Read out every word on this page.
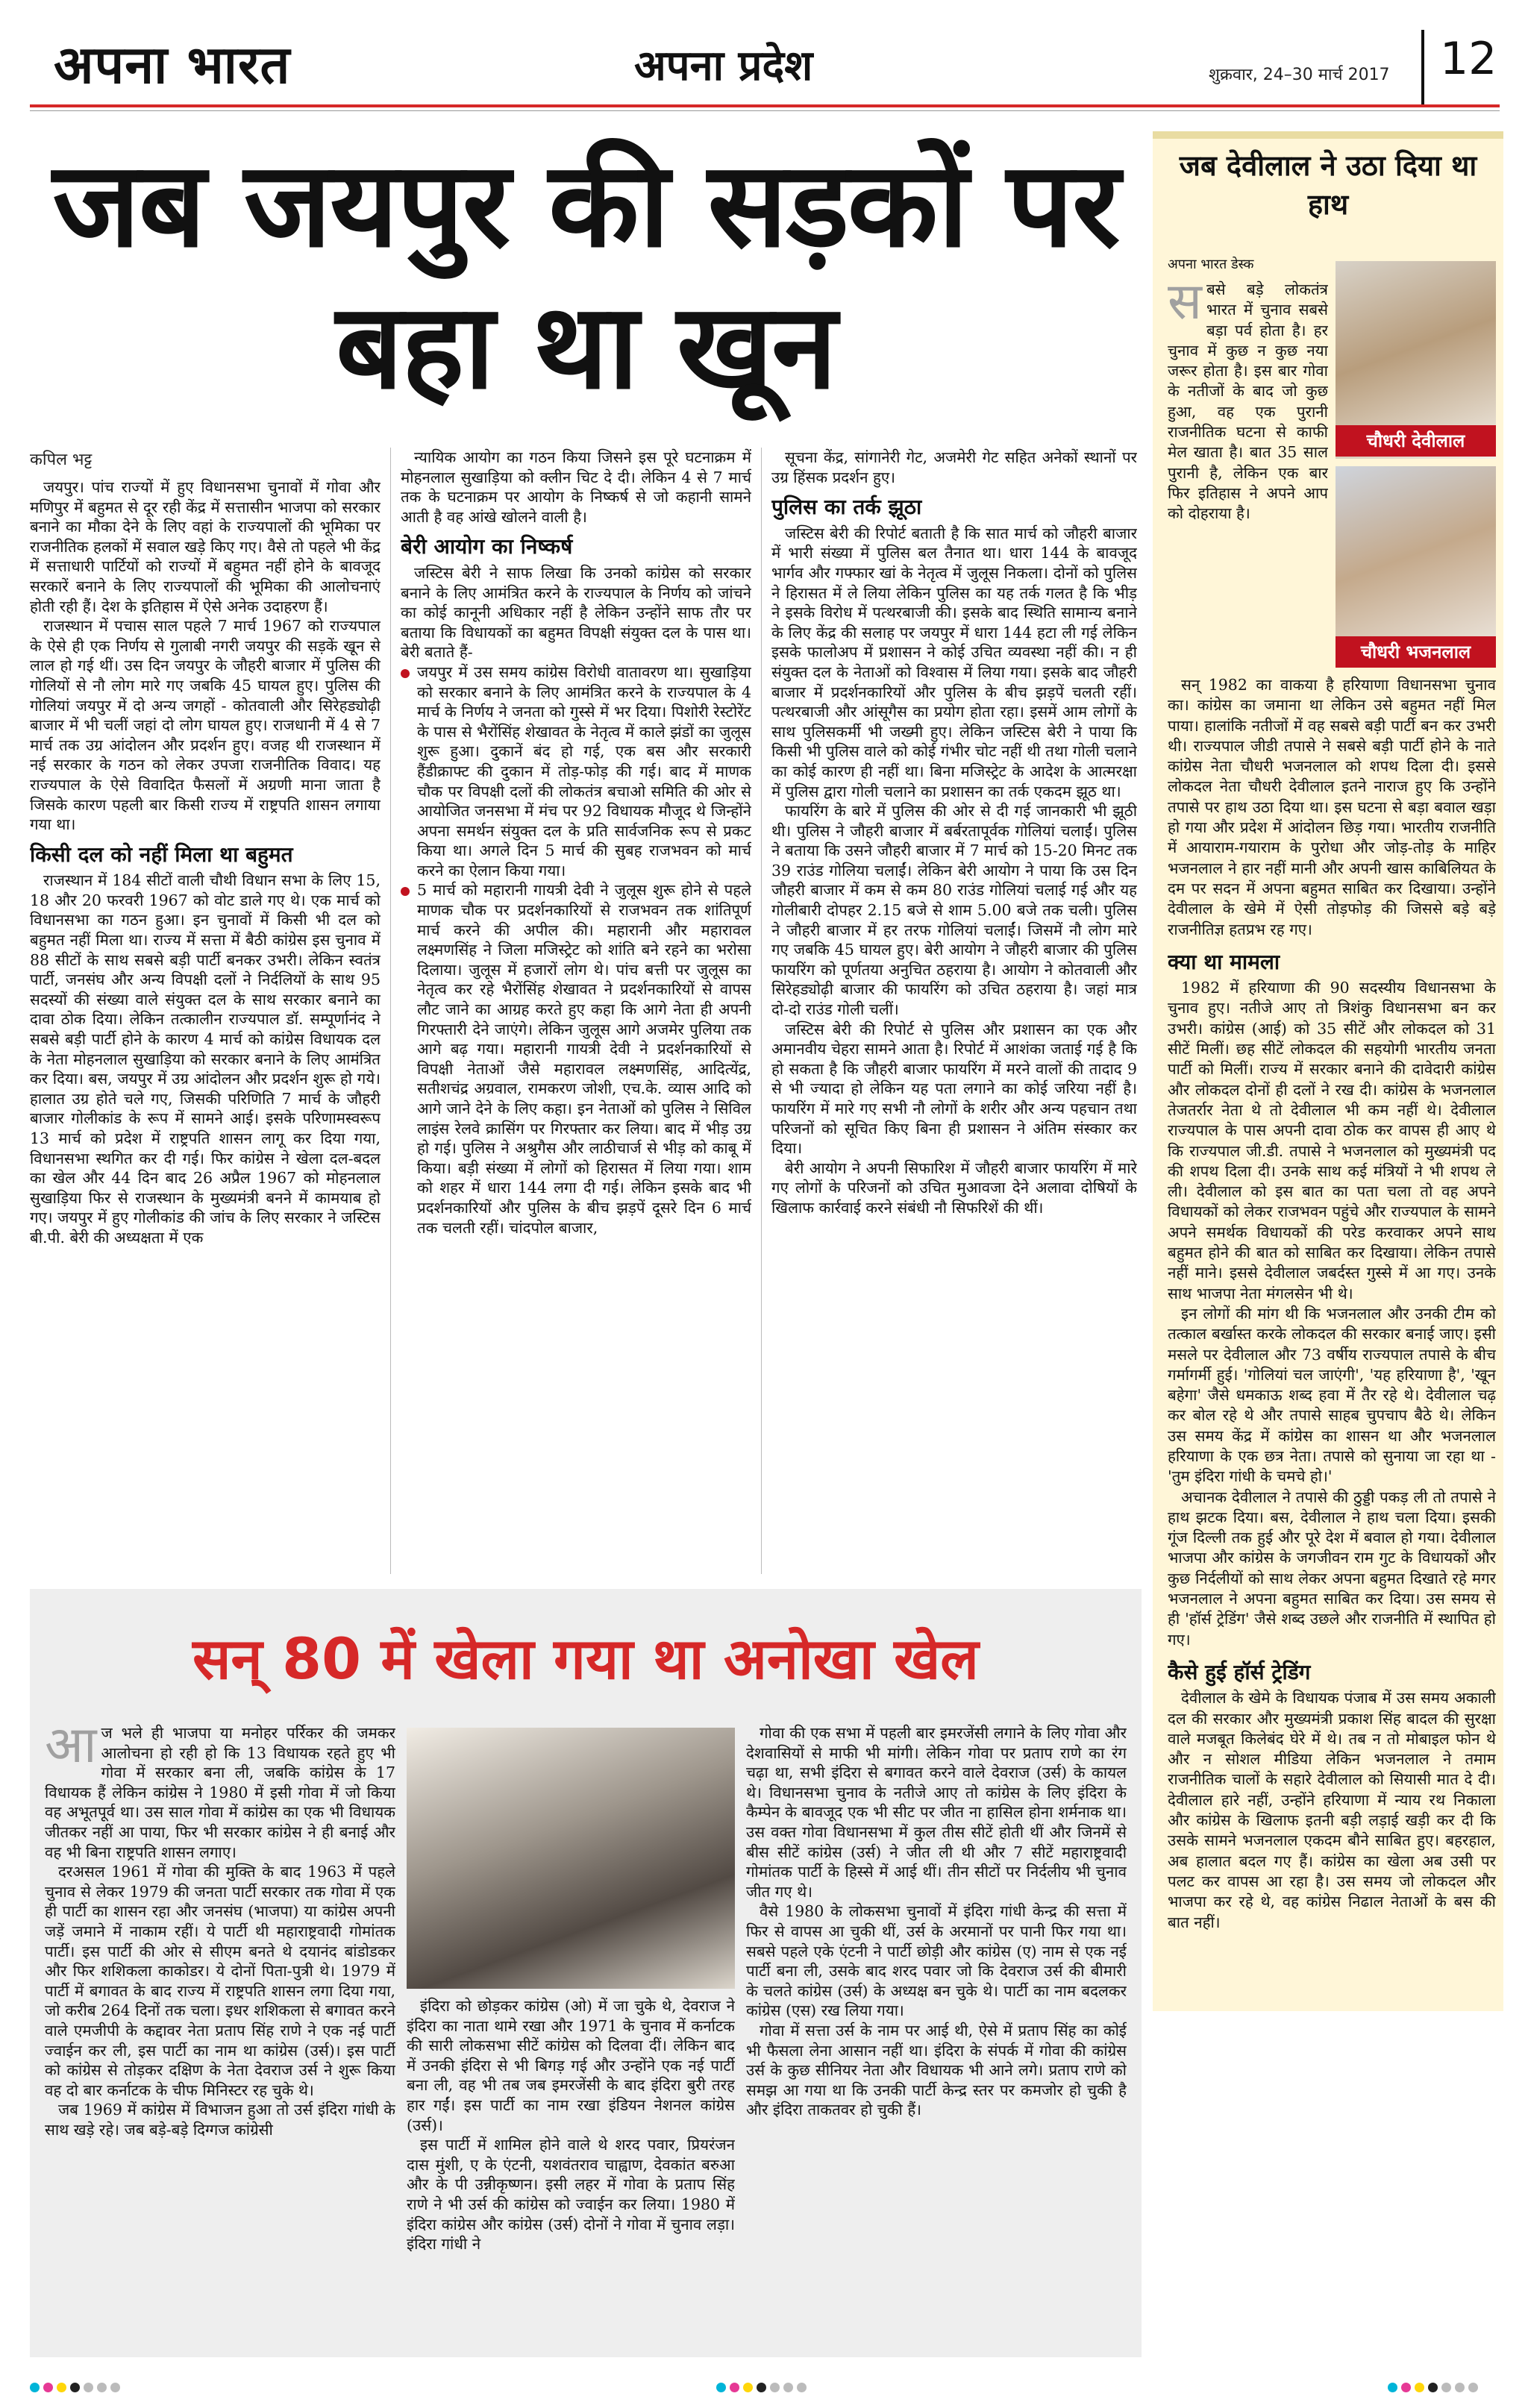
अपना भारत	अपना प्रदेश	शुक्रवार, 24–30 मार्च 2017 12
जब जयपुर की सड़कों पर बहा था खून
कपिल भट्ट

जयपुर। पांच राज्यों में हुए विधानसभा चुनावों में गोवा और मणिपुर में बहुमत से दूर रही केंद्र में सत्तासीन भाजपा को सरकार बनाने का मौका देने के लिए वहां के राज्यपालों की भूमिका पर राजनीतिक हलकों में सवाल खड़े किए गए। वैसे तो पहले भी केंद्र में सत्ताधारी पार्टियों को राज्यों में बहुमत नहीं होने के बावजूद सरकारें बनाने के लिए राज्यपालों की भूमिका की आलोचनाएं होती रही हैं। देश के इतिहास में ऐसे अनेक उदाहरण हैं।

राजस्थान में पचास साल पहले 7 मार्च 1967 को राज्यपाल के ऐसे ही एक निर्णय से गुलाबी नगरी जयपुर की सड़कें खून से लाल हो गई थीं। उस दिन जयपुर के जौहरी बाजार में पुलिस की गोलियों से नौ लोग मारे गए जबकि 45 घायल हुए। पुलिस की गोलियां जयपुर में दो अन्य जगहों - कोतवाली और सिरेहड्योढ़ी बाजार में भी चलीं जहां दो लोग घायल हुए। राजधानी में 4 से 7 मार्च तक उग्र आंदोलन और प्रदर्शन हुए। वजह थी राजस्थान में नई सरकार के गठन को लेकर उपजा राजनीतिक विवाद। यह राज्यपाल के ऐसे विवादित फैसलों में अग्रणी माना जाता है जिसके कारण पहली बार किसी राज्य में राष्ट्रपति शासन लगाया गया था।

किसी दल को नहीं मिला था बहुमत

राजस्थान में 184 सीटों वाली चौथी विधान सभा के लिए 15, 18 और 20 फरवरी 1967 को वोट डाले गए थे। एक मार्च को विधानसभा का गठन हुआ। इन चुनावों में किसी भी दल को बहुमत नहीं मिला था। राज्य में सत्ता में बैठी कांग्रेस इस चुनाव में 88 सीटों के साथ सबसे बड़ी पार्टी बनकर उभरी। लेकिन स्वतंत्र पार्टी, जनसंघ और अन्य विपक्षी दलों ने निर्दलियों के साथ 95 सदस्यों की संख्या वाले संयुक्त दल के साथ सरकार बनाने का दावा ठोक दिया। लेकिन तत्कालीन राज्यपाल डॉ. सम्पूर्णानंद ने सबसे बड़ी पार्टी होने के कारण 4 मार्च को कांग्रेस विधायक दल के नेता मोहनलाल सुखाड़िया को सरकार बनाने के लिए आमंत्रित कर दिया। बस, जयपुर में उग्र आंदोलन और प्रदर्शन शुरू हो गये। हालात उग्र होते चले गए, जिसकी परिणिति 7 मार्च के जौहरी बाजार गोलीकांड के रूप में सामने आई। इसके परिणामस्वरूप 13 मार्च को प्रदेश में राष्ट्रपति शासन लागू कर दिया गया, विधानसभा स्थगित कर दी गई। फिर कांग्रेस ने खेला दल-बदल का खेल और 44 दिन बाद 26 अप्रैल 1967 को मोहनलाल सुखाड़िया फिर से राजस्थान के मुख्यमंत्री बनने में कामयाब हो गए। जयपुर में हुए गोलीकांड की जांच के लिए सरकार ने जस्टिस बी.पी. बेरी की अध्यक्षता में एक

न्यायिक आयोग का गठन किया जिसने इस पूरे घटनाक्रम में मोहनलाल सुखाड़िया को क्लीन चिट दे दी। लेकिन 4 से 7 मार्च तक के घटनाक्रम पर आयोग के निष्कर्ष से जो कहानी सामने आती है वह आंखे खोलने वाली है।

बेरी आयोग का निष्कर्ष

जस्टिस बेरी ने साफ लिखा कि उनको कांग्रेस को सरकार बनाने के लिए आमंत्रित करने के राज्यपाल के निर्णय को जांचने का कोई कानूनी अधिकार नहीं है लेकिन उन्होंने साफ तौर पर बताया कि विधायकों का बहुमत विपक्षी संयुक्त दल के पास था। बेरी बताते हैं-

जयपुर में उस समय कांग्रेस विरोधी वातावरण था। सुखाड़िया को सरकार बनाने के लिए आमंत्रित करने के राज्यपाल के 4 मार्च के निर्णय ने जनता को गुस्से में भर दिया। पिशोरी रेस्टोरेंट के पास से भैरोंसिंह शेखावत के नेतृत्व में काले झंडों का जुलूस शुरू हुआ। दुकानें बंद हो गई, एक बस और सरकारी हैंडीक्राफ्ट की दुकान में तोड़-फोड़ की गई। बाद में माणक चौक पर विपक्षी दलों की लोकतंत्र बचाओ समिति की ओर से आयोजित जनसभा में मंच पर 92 विधायक मौजूद थे जिन्होंने अपना समर्थन संयुक्त दल के प्रति सार्वजनिक रूप से प्रकट किया था। अगले दिन 5 मार्च की सुबह राजभवन को मार्च करने का ऐलान किया गया।

5 मार्च को महारानी गायत्री देवी ने जुलूस शुरू होने से पहले माणक चौक पर प्रदर्शनकारियों से राजभवन तक शांतिपूर्ण मार्च करने की अपील की। महारानी और महारावल लक्ष्मणसिंह ने जिला मजिस्ट्रेट को शांति बने रहने का भरोसा दिलाया। जुलूस में हजारों लोग थे। पांच बत्ती पर जुलूस का नेतृत्व कर रहे भैरोंसिंह शेखावत ने प्रदर्शनकारियों से वापस लौट जाने का आग्रह करते हुए कहा कि आगे नेता ही अपनी गिरफ्तारी देने जाएंगे। लेकिन जुलूस आगे अजमेर पुलिया तक आगे बढ़ गया। महारानी गायत्री देवी ने प्रदर्शनकारियों से विपक्षी नेताओं जैसे महारावल लक्ष्मणसिंह, आदित्येंद्र, सतीशचंद्र अग्रवाल, रामकरण जोशी, एच.के. व्यास आदि को आगे जाने देने के लिए कहा। इन नेताओं को पुलिस ने सिविल लाइंस रेलवे क्रासिंग पर गिरफ्तार कर लिया। बाद में भीड़ उग्र हो गई। पुलिस ने अश्रुगैस और लाठीचार्ज से भीड़ को काबू में किया। बड़ी संख्या में लोगों को हिरासत में लिया गया। शाम को शहर में धारा 144 लगा दी गई। लेकिन इसके बाद भी प्रदर्शनकारियों और पुलिस के बीच झड़पें दूसरे दिन 6 मार्च तक चलती रहीं। चांदपोल बाजार,

सूचना केंद्र, सांगानेरी गेट, अजमेरी गेट सहित अनेकों स्थानों पर उग्र हिंसक प्रदर्शन हुए।

पुलिस का तर्क झूठा

जस्टिस बेरी की रिपोर्ट बताती है कि सात मार्च को जौहरी बाजार में भारी संख्या में पुलिस बल तैनात था। धारा 144 के बावजूद भार्गव और गफ्फार खां के नेतृत्व में जुलूस निकला। दोनों को पुलिस ने हिरासत में ले लिया लेकिन पुलिस का यह तर्क गलत है कि भीड़ ने इसके विरोध में पत्थरबाजी की। इसके बाद स्थिति सामान्य बनाने के लिए केंद्र की सलाह पर जयपुर में धारा 144 हटा ली गई लेकिन इसके फालोअप में प्रशासन ने कोई उचित व्यवस्था नहीं की। न ही संयुक्त दल के नेताओं को विश्वास में लिया गया। इसके बाद जौहरी बाजार में प्रदर्शनकारियों और पुलिस के बीच झड़पें चलती रहीं। पत्थरबाजी और आंसूगैस का प्रयोग होता रहा। इसमें आम लोगों के साथ पुलिसकर्मी भी जख्मी हुए। लेकिन जस्टिस बेरी ने पाया कि किसी भी पुलिस वाले को कोई गंभीर चोट नहीं थी तथा गोली चलाने का कोई कारण ही नहीं था। बिना मजिस्ट्रेट के आदेश के आत्मरक्षा में पुलिस द्वारा गोली चलाने का प्रशासन का तर्क एकदम झूठ था।

फायरिंग के बारे में पुलिस की ओर से दी गई जानकारी भी झूठी थी। पुलिस ने जौहरी बाजार में बर्बरतापूर्वक गोलियां चलाईं। पुलिस ने बताया कि उसने जौहरी बाजार में 7 मार्च को 15-20 मिनट तक 39 राउंड गोलिया चलाईं। लेकिन बेरी आयोग ने पाया कि उस दिन जौहरी बाजार में कम से कम 80 राउंड गोलियां चलाई गई और यह गोलीबारी दोपहर 2.15 बजे से शाम 5.00 बजे तक चली। पुलिस ने जौहरी बाजार में हर तरफ गोलियां चलाईं। जिसमें नौ लोग मारे गए जबकि 45 घायल हुए। बेरी आयोग ने जौहरी बाजार की पुलिस फायरिंग को पूर्णतया अनुचित ठहराया है। आयोग ने कोतवाली और सिरेहड्योढ़ी बाजार की फायरिंग को उचित ठहराया है। जहां मात्र दो-दो राउंड गोली चलीं।

जस्टिस बेरी की रिपोर्ट से पुलिस और प्रशासन का एक और अमानवीय चेहरा सामने आता है। रिपोर्ट में आशंका जताई गई है कि हो सकता है कि जौहरी बाजार फायरिंग में मरने वालों की तादाद 9 से भी ज्यादा हो लेकिन यह पता लगाने का कोई जरिया नहीं है। फायरिंग में मारे गए सभी नौ लोगों के शरीर और अन्य पहचान तथा परिजनों को सूचित किए बिना ही प्रशासन ने अंतिम संस्कार कर दिया।

बेरी आयोग ने अपनी सिफारिश में जौहरी बाजार फायरिंग में मारे गए लोगों के परिजनों को उचित मुआवजा देने अलावा दोषियों के खिलाफ कार्रवाई करने संबंधी नौ सिफरिशें की थीं।

जब देवीलाल ने उठा दिया था हाथ
अपना भारत डेस्क
चौधरी देवीलाल
चौधरी भजनलाल
स बसे बड़े लोकतंत्र भारत में चुनाव सबसे बड़ा पर्व होता है। हर चुनाव में कुछ न कुछ नया जरूर होता है। इस बार गोवा के नतीजों के बाद जो कुछ हुआ, वह एक पुरानी राजनीतिक घटना से काफी मेल खाता है। बात 35 साल पुरानी है, लेकिन एक बार फिर इतिहास ने अपने आप को दोहराया है।

सन् 1982 का वाकया है हरियाणा विधानसभा चुनाव का। कांग्रेस का जमाना था लेकिन उसे बहुमत नहीं मिल पाया। हालांकि नतीजों में वह सबसे बड़ी पार्टी बन कर उभरी थी। राज्यपाल जीडी तपासे ने सबसे बड़ी पार्टी होने के नाते कांग्रेस नेता चौधरी भजनलाल को शपथ दिला दी। इससे लोकदल नेता चौधरी देवीलाल इतने नाराज हुए कि उन्होंने तपासे पर हाथ उठा दिया था। इस घटना से बड़ा बवाल खड़ा हो गया और प्रदेश में आंदोलन छिड़ गया। भारतीय राजनीति में आयाराम-गयाराम के पुरोधा और जोड़-तोड़ के माहिर भजनलाल ने हार नहीं मानी और अपनी खास काबिलियत के दम पर सदन में अपना बहुमत साबित कर दिखाया। उन्होंने देवीलाल के खेमे में ऐसी तोड़फोड़ की जिससे बड़े बड़े राजनीतिज्ञ हतप्रभ रह गए।

क्या था मामला

1982 में हरियाणा की 90 सदस्यीय विधानसभा के चुनाव हुए। नतीजे आए तो त्रिशंकु विधानसभा बन कर उभरी। कांग्रेस (आई) को 35 सीटें और लोकदल को 31 सीटें मिलीं। छह सीटें लोकदल की सहयोगी भारतीय जनता पार्टी को मिलीं। राज्य में सरकार बनाने की दावेदारी कांग्रेस और लोकदल दोनों ही दलों ने रख दी। कांग्रेस के भजनलाल तेजतर्रार नेता थे तो देवीलाल भी कम नहीं थे। देवीलाल राज्यपाल के पास अपनी दावा ठोक कर वापस ही आए थे कि राज्यपाल जी.डी. तपासे ने भजनलाल को मुख्यमंत्री पद की शपथ दिला दी। उनके साथ कई मंत्रियों ने भी शपथ ले ली। देवीलाल को इस बात का पता चला तो वह अपने विधायकों को लेकर राजभवन पहुंचे और राज्यपाल के सामने अपने समर्थक विधायकों की परेड करवाकर अपने साथ बहुमत होने की बात को साबित कर दिखाया। लेकिन तपासे नहीं माने। इससे देवीलाल जबर्दस्त गुस्से में आ गए। उनके साथ भाजपा नेता मंगलसेन भी थे।

इन लोगों की मांग थी कि भजनलाल और उनकी टीम को तत्काल बर्खास्त करके लोकदल की सरकार बनाई जाए। इसी मसले पर देवीलाल और 73 वर्षीय राज्यपाल तपासे के बीच गर्मागर्मी हुई। 'गोलियां चल जाएंगी', 'यह हरियाणा है', 'खून बहेगा' जैसे धमकाऊ शब्द हवा में तैर रहे थे। देवीलाल चढ़ कर बोल रहे थे और तपासे साहब चुपचाप बैठे थे। लेकिन उस समय केंद्र में कांग्रेस का शासन था और भजनलाल हरियाणा के एक छत्र नेता। तपासे को सुनाया जा रहा था - 'तुम इंदिरा गांधी के चमचे हो।'

अचानक देवीलाल ने तपासे की ठुड्डी पकड़ ली तो तपासे ने हाथ झटक दिया। बस, देवीलाल ने हाथ चला दिया। इसकी गूंज दिल्ली तक हुई और पूरे देश में बवाल हो गया। देवीलाल भाजपा और कांग्रेस के जगजीवन राम गुट के विधायकों और कुछ निर्दलीयों को साथ लेकर अपना बहुमत दिखाते रहे मगर भजनलाल ने अपना बहुमत साबित कर दिया। उस समय से ही 'हॉर्स ट्रेडिंग' जैसे शब्द उछले और राजनीति में स्थापित हो गए।

कैसे हुई हॉर्स ट्रेडिंग

देवीलाल के खेमे के विधायक पंजाब में उस समय अकाली दल की सरकार और मुख्यमंत्री प्रकाश सिंह बादल की सुरक्षा वाले मजबूत किलेबंद घेरे में थे। तब न तो मोबाइल फोन थे और न सोशल मीडिया लेकिन भजनलाल ने तमाम राजनीतिक चालों के सहारे देवीलाल को सियासी मात दे दी। देवीलाल हारे नहीं, उन्होंने हरियाणा में न्याय रथ निकाला और कांग्रेस के खिलाफ इतनी बड़ी लड़ाई खड़ी कर दी कि उसके सामने भजनलाल एकदम बौने साबित हुए। बहरहाल, अब हालात बदल गए हैं। कांग्रेस का खेला अब उसी पर पलट कर वापस आ रहा है। उस समय जो लोकदल और भाजपा कर रहे थे, वह कांग्रेस निढाल नेताओं के बस की बात नहीं।

सन् 80 में खेला गया था अनोखा खेल
आ ज भले ही भाजपा या मनोहर पर्रिकर की जमकर आलोचना हो रही हो कि 13 विधायक रहते हुए भी गोवा में सरकार बना ली, जबकि कांग्रेस के 17 विधायक हैं लेकिन कांग्रेस ने 1980 में इसी गोवा में जो किया वह अभूतपूर्व था। उस साल गोवा में कांग्रेस का एक भी विधायक जीतकर नहीं आ पाया, फिर भी सरकार कांग्रेस ने ही बनाई और वह भी बिना राष्ट्रपति शासन लगाए।

दरअसल 1961 में गोवा की मुक्ति के बाद 1963 में पहले चुनाव से लेकर 1979 की जनता पार्टी सरकार तक गोवा में एक ही पार्टी का शासन रहा और जनसंघ (भाजपा) या कांग्रेस अपनी जड़ें जमाने में नाकाम रहीं। ये पार्टी थी महाराष्ट्रवादी गोमांतक पार्टी। इस पार्टी की ओर से सीएम बनते थे दयानंद बांडोडकर और फिर शशिकला काकोडर। ये दोनों पिता-पुत्री थे। 1979 में पार्टी में बगावत के बाद राज्य में राष्ट्रपति शासन लगा दिया गया, जो करीब 264 दिनों तक चला। इधर शशिकला से बगावत करने वाले एमजीपी के कद्दावर नेता प्रताप सिंह राणे ने एक नई पार्टी ज्वाईन कर ली, इस पार्टी का नाम था कांग्रेस (उर्स)। इस पार्टी को कांग्रेस से तोड़कर दक्षिण के नेता देवराज उर्स ने शुरू किया वह दो बार कर्नाटक के चीफ मिनिस्टर रह चुके थे।

जब 1969 में कांग्रेस में विभाजन हुआ तो उर्स इंदिरा गांधी के साथ खड़े रहे। जब बड़े-बड़े दिग्गज कांग्रेसी

इंदिरा को छोड़कर कांग्रेस (ओ) में जा चुके थे, देवराज ने इंदिरा का नाता थामे रखा और 1971 के चुनाव में कर्नाटक की सारी लोकसभा सीटें कांग्रेस को दिलवा दीं। लेकिन बाद में उनकी इंदिरा से भी बिगड़ गई और उन्होंने एक नई पार्टी बना ली, वह भी तब जब इमरजेंसी के बाद इंदिरा बुरी तरह हार गईं। इस पार्टी का नाम रखा इंडियन नेशनल कांग्रेस (उर्स)।

इस पार्टी में शामिल होने वाले थे शरद पवार, प्रियरंजन दास मुंशी, ए के एंटनी, यशवंतराव चाह्वाण, देवकांत बरुआ और के पी उन्नीकृष्णन। इसी लहर में गोवा के प्रताप सिंह राणे ने भी उर्स की कांग्रेस को ज्वाईन कर लिया। 1980 में इंदिरा कांग्रेस और कांग्रेस (उर्स) दोनों ने गोवा में चुनाव लड़ा। इंदिरा गांधी ने

गोवा की एक सभा में पहली बार इमरजेंसी लगाने के लिए गोवा और देशवासियों से माफी भी मांगी। लेकिन गोवा पर प्रताप राणे का रंग चढ़ा था, सभी इंदिरा से बगावत करने वाले देवराज (उर्स) के कायल थे। विधानसभा चुनाव के नतीजे आए तो कांग्रेस के लिए इंदिरा के कैम्पेन के बावजूद एक भी सीट पर जीत ना हासिल होना शर्मनाक था। उस वक्त गोवा विधानसभा में कुल तीस सीटें होती थीं और जिनमें से बीस सीटें कांग्रेस (उर्स) ने जीत ली थी और 7 सीटें महाराष्ट्रवादी गोमांतक पार्टी के हिस्से में आई थीं। तीन सीटों पर निर्दलीय भी चुनाव जीत गए थे।

वैसे 1980 के लोकसभा चुनावों में इंदिरा गांधी केन्द्र की सत्ता में फिर से वापस आ चुकी थीं, उर्स के अरमानों पर पानी फिर गया था। सबसे पहले एके एंटनी ने पार्टी छोड़ी और कांग्रेस (ए) नाम से एक नई पार्टी बना ली, उसके बाद शरद पवार जो कि देवराज उर्स की बीमारी के चलते कांग्रेस (उर्स) के अध्यक्ष बन चुके थे। पार्टी का नाम बदलकर कांग्रेस (एस) रख लिया गया।

गोवा में सत्ता उर्स के नाम पर आई थी, ऐसे में प्रताप सिंह का कोई भी फैसला लेना आसान नहीं था। इंदिरा के संपर्क में गोवा की कांग्रेस उर्स के कुछ सीनियर नेता और विधायक भी आने लगे। प्रताप राणे को समझ आ गया था कि उनकी पार्टी केन्द्र स्तर पर कमजोर हो चुकी है और इंदिरा ताकतवर हो चुकी हैं।
